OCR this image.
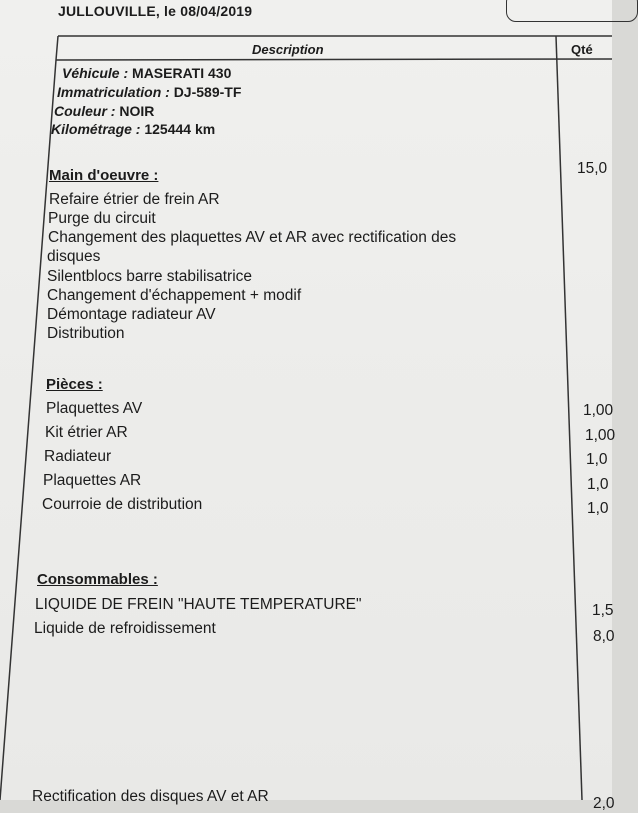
JULLOUVILLE, le 08/04/2019
Description	Qté
Véhicule : MASERATI 430
Immatriculation : DJ-589-TF
Couleur : NOIR
Kilométrage : 125444 km
Main d'oeuvre :	15,0
Refaire étrier de frein AR
Purge du circuit
Changement des plaquettes AV et AR avec rectification des
disques
Silentblocs barre stabilisatrice
Changement d'échappement + modif
Démontage radiateur AV
Distribution
Pièces :
Plaquettes AV	1,00
Kit étrier AR	1,00
Radiateur	1,0
Plaquettes AR	1,0
Courroie de distribution	1,0
Consommables :
LIQUIDE DE FREIN "HAUTE TEMPERATURE"	1,5
Liquide de refroidissement	8,0
Rectification des disques AV et AR	2,0
